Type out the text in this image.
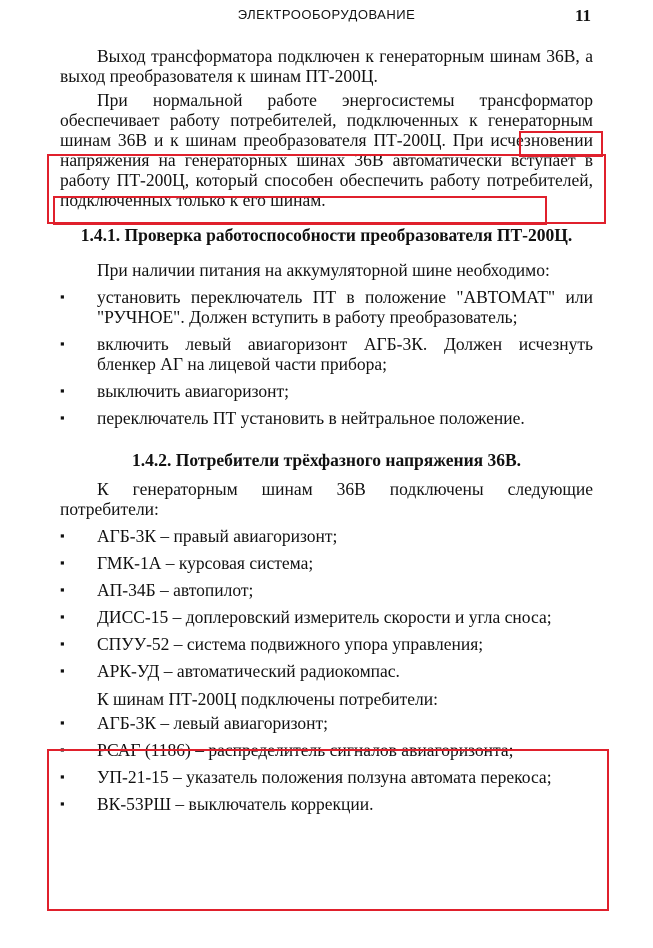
ЭЛЕКТРООБОРУДОВАНИЕ	11

Выход трансформатора подключен к генераторным шинам 36В, а выход преобразователя к шинам ПТ-200Ц.

При нормальной работе энергосистемы трансформатор обеспечивает работу потребителей, подключенных к генераторным шинам 36В и к шинам преобразователя ПТ-200Ц. При исчезновении напряжения на генераторных шинах 36В автоматически вступает в работу ПТ-200Ц, который способен обеспечить работу потребителей, подключенных только к его шинам.

1.4.1. Проверка работоспособности преобразователя ПТ-200Ц.

При наличии питания на аккумуляторной шине необходимо:

▪ установить переключатель ПТ в положение "АВТОМАТ" или "РУЧНОЕ". Должен вступить в работу преобразователь;
▪ включить левый авиагоризонт АГБ-3К. Должен исчезнуть бленкер АГ на лицевой части прибора;
▪ выключить авиагоризонт;
▪ переключатель ПТ установить в нейтральное положение.
1.4.2. Потребители трёхфазного напряжения 36В.

К генераторным шинам 36В подключены следующие потребители:

▪ АГБ-3К – правый авиагоризонт;
▪ ГМК-1А – курсовая система;
▪ АП-34Б – автопилот;
▪ ДИСС-15 – доплеровский измеритель скорости и угла сноса;
▪ СПУУ-52 – система подвижного упора управления;
▪ АРК-УД – автоматический радиокомпас.

К шинам ПТ-200Ц подключены потребители:

▪ АГБ-3К – левый авиагоризонт;
▪ РСАГ (1186) – распределитель сигналов авиагоризонта;
▪ УП-21-15 – указатель положения ползуна автомата перекоса;
▪ ВК-53РШ – выключатель коррекции.
